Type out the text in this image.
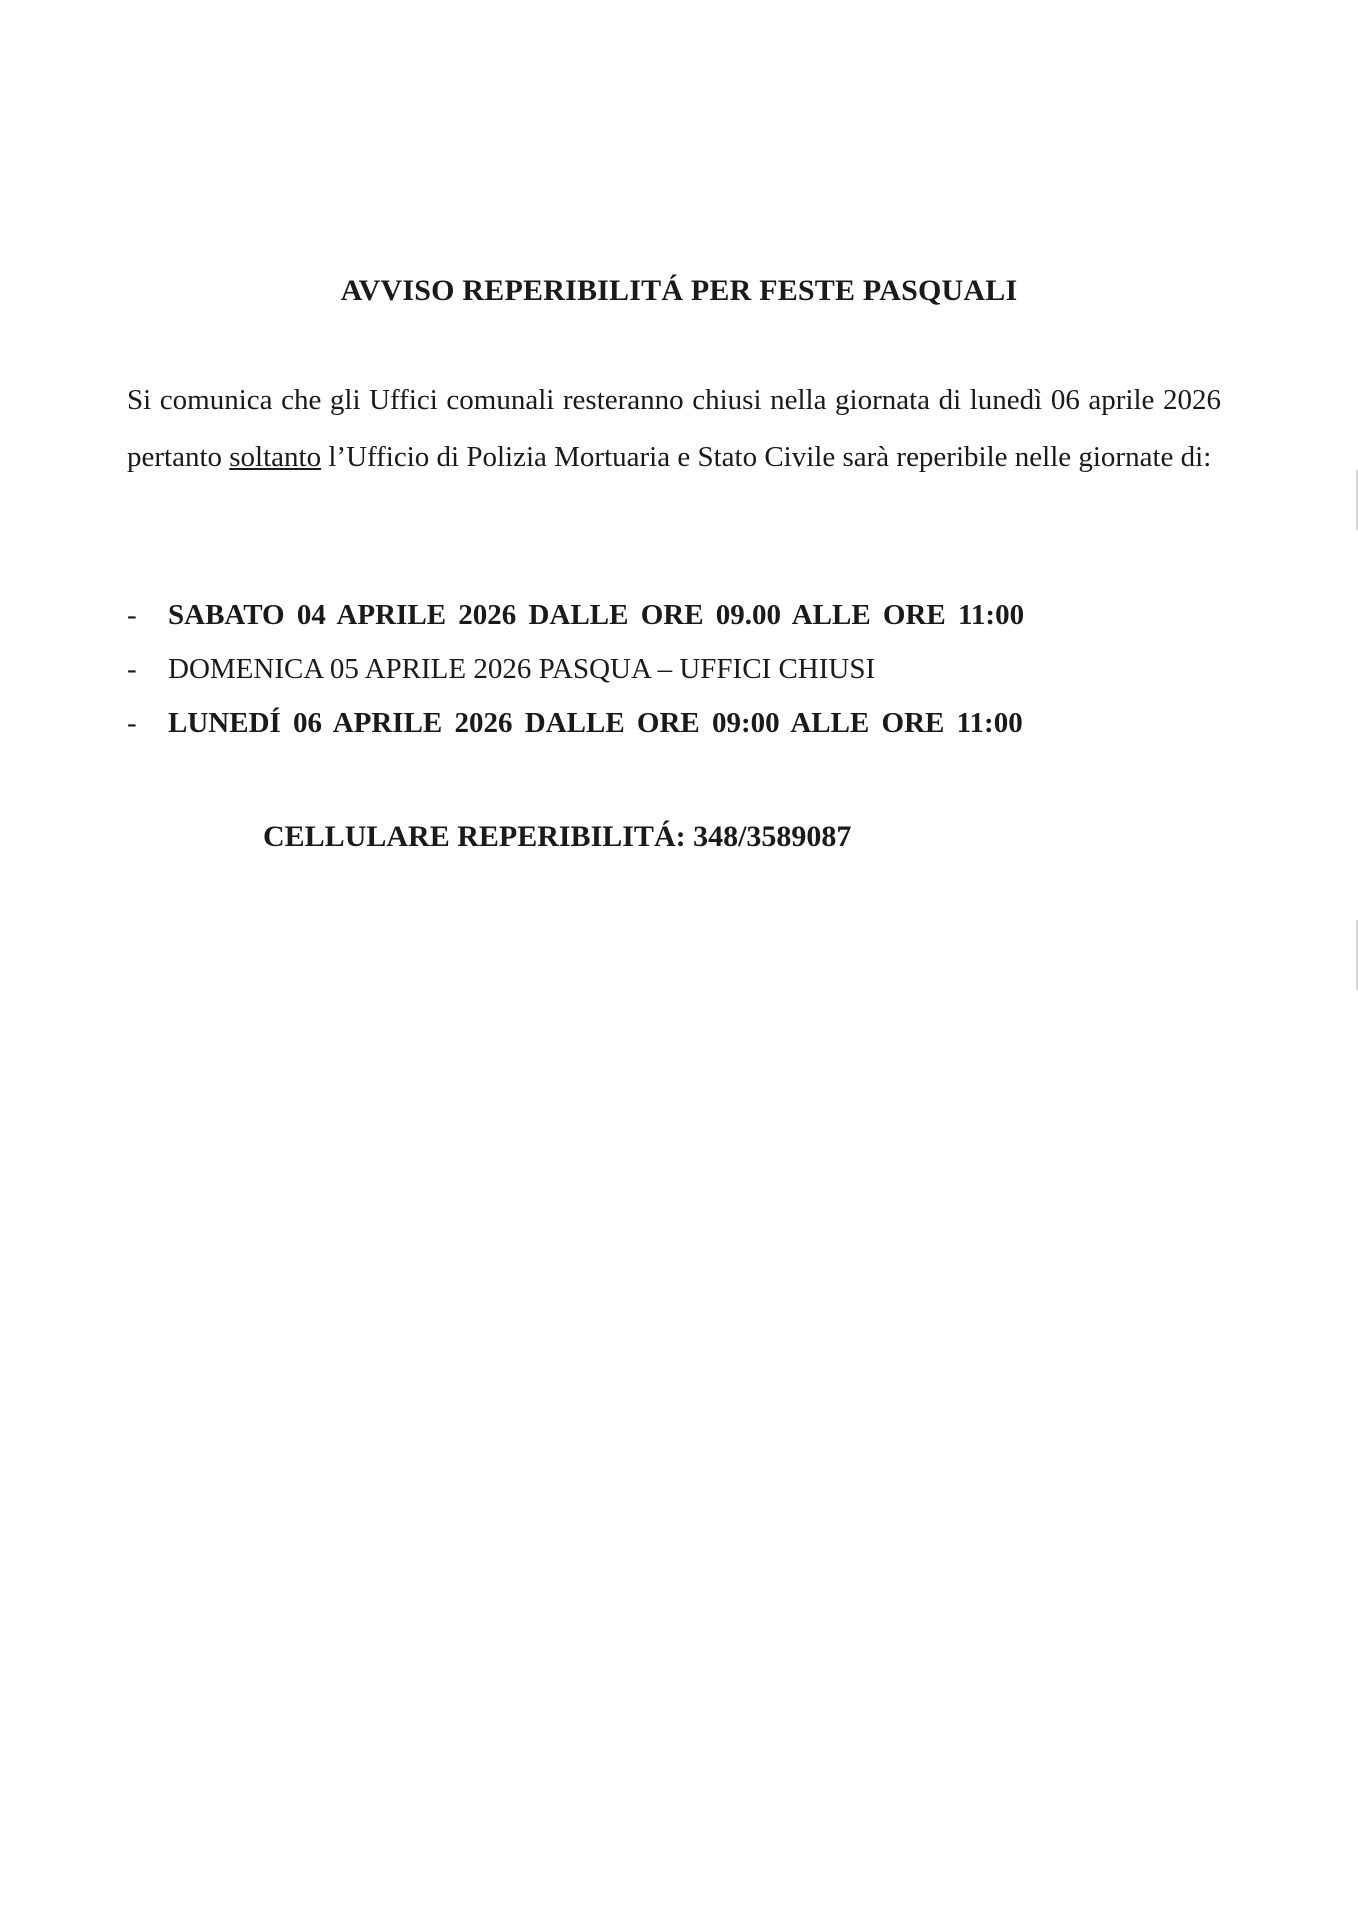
AVVISO REPERIBILITÁ PER FESTE PASQUALI

Si comunica che gli Uffici comunali resteranno chiusi nella giornata di lunedì 06 aprile 2026 pertanto soltanto l’Ufficio di Polizia Mortuaria e Stato Civile sarà reperibile nelle giornate di:

- SABATO 04 APRILE 2026 DALLE ORE 09.00 ALLE ORE 11:00
- DOMENICA 05 APRILE 2026 PASQUA – UFFICI CHIUSI
- LUNEDÍ 06 APRILE 2026 DALLE ORE 09:00 ALLE ORE 11:00

CELLULARE REPERIBILITÁ: 348/3589087
